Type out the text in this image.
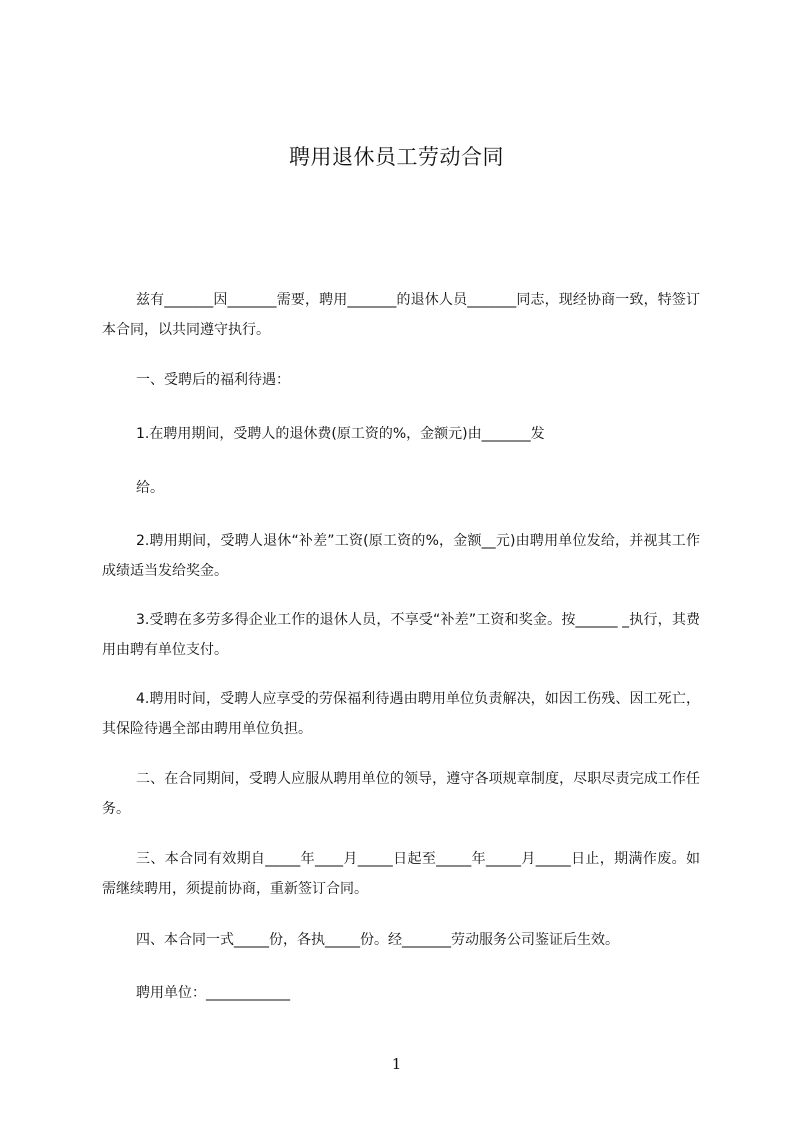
聘用退休员工劳动合同
兹有_______因_______需要，聘用_______的退休人员_______同志，现经协商一致，特签订本合同，以共同遵守执行。
一、受聘后的福利待遇：
1.在聘用期间，受聘人的退休费(原工资的%，金额元)由_______发
给。
2.聘用期间，受聘人退休“补差”工资(原工资的%，金额__元)由聘用单位发给，并视其工作成绩适当发给奖金。
3.受聘在多劳多得企业工作的退休人员，不享受“补差”工资和奖金。按______ _执行，其费用由聘有单位支付。
4.聘用时间，受聘人应享受的劳保福利待遇由聘用单位负责解决，如因工伤残、因工死亡，其保险待遇全部由聘用单位负担。
二、在合同期间，受聘人应服从聘用单位的领导，遵守各项规章制度，尽职尽责完成工作任务。
三、本合同有效期自_____年____月_____日起至_____年_____月_____日止，期满作废。如需继续聘用，须提前协商，重新签订合同。
四、本合同一式_____份，各执_____份。经_______劳动服务公司鉴证后生效。
聘用单位：____________
1
